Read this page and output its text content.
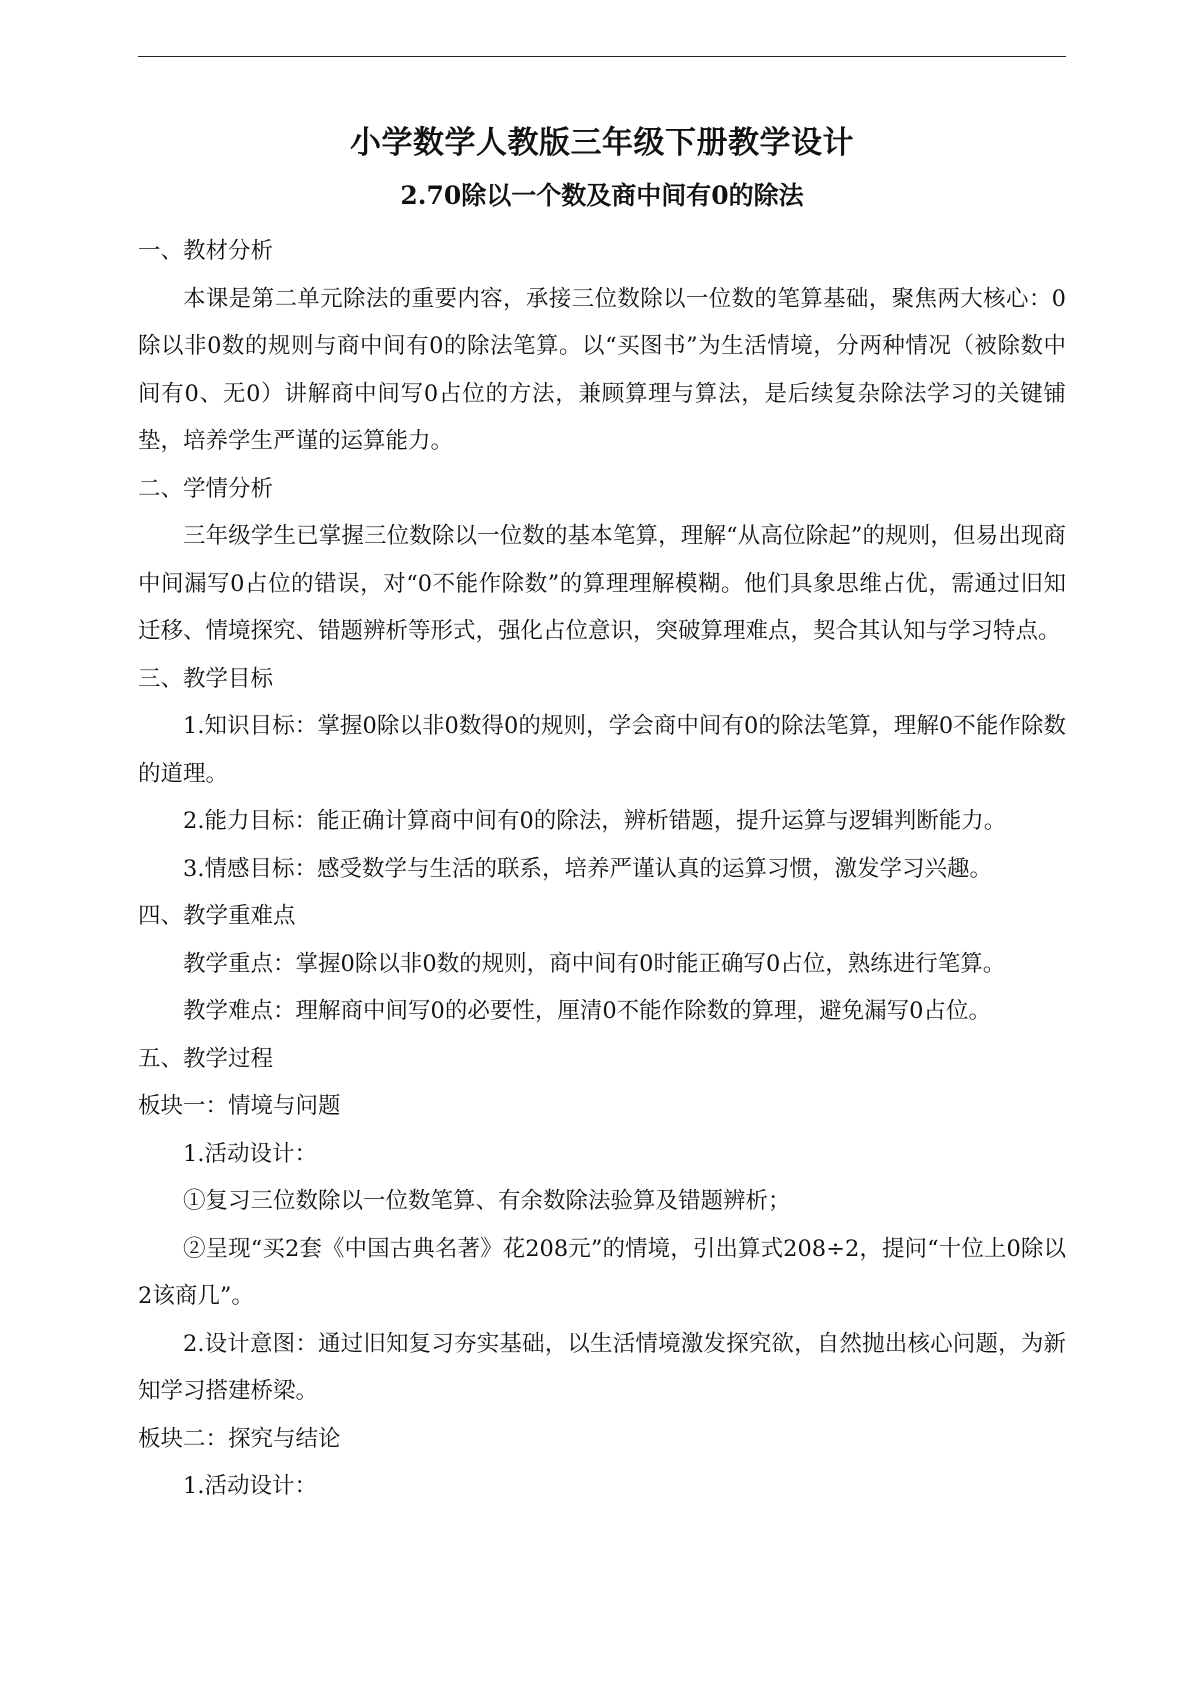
小学数学人教版三年级下册教学设计
2.70除以一个数及商中间有0的除法
一、教材分析
本课是第二单元除法的重要内容，承接三位数除以一位数的笔算基础，聚焦两大核心：0除以非0数的规则与商中间有0的除法笔算。以“买图书”为生活情境，分两种情况（被除数中间有0、无0）讲解商中间写0占位的方法，兼顾算理与算法，是后续复杂除法学习的关键铺垫，培养学生严谨的运算能力。
二、学情分析
三年级学生已掌握三位数除以一位数的基本笔算，理解“从高位除起”的规则，但易出现商中间漏写0占位的错误，对“0不能作除数”的算理理解模糊。他们具象思维占优，需通过旧知迁移、情境探究、错题辨析等形式，强化占位意识，突破算理难点，契合其认知与学习特点。
三、教学目标
1.知识目标：掌握0除以非0数得0的规则，学会商中间有0的除法笔算，理解0不能作除数的道理。
2.能力目标：能正确计算商中间有0的除法，辨析错题，提升运算与逻辑判断能力。
3.情感目标：感受数学与生活的联系，培养严谨认真的运算习惯，激发学习兴趣。
四、教学重难点
教学重点：掌握0除以非0数的规则，商中间有0时能正确写0占位，熟练进行笔算。
教学难点：理解商中间写0的必要性，厘清0不能作除数的算理，避免漏写0占位。
五、教学过程
板块一：情境与问题
1.活动设计：
①复习三位数除以一位数笔算、有余数除法验算及错题辨析；
②呈现“买2套《中国古典名著》花208元”的情境，引出算式208÷2，提问“十位上0除以2该商几”。
2.设计意图：通过旧知复习夯实基础，以生活情境激发探究欲，自然抛出核心问题，为新知学习搭建桥梁。
板块二：探究与结论
1.活动设计：
